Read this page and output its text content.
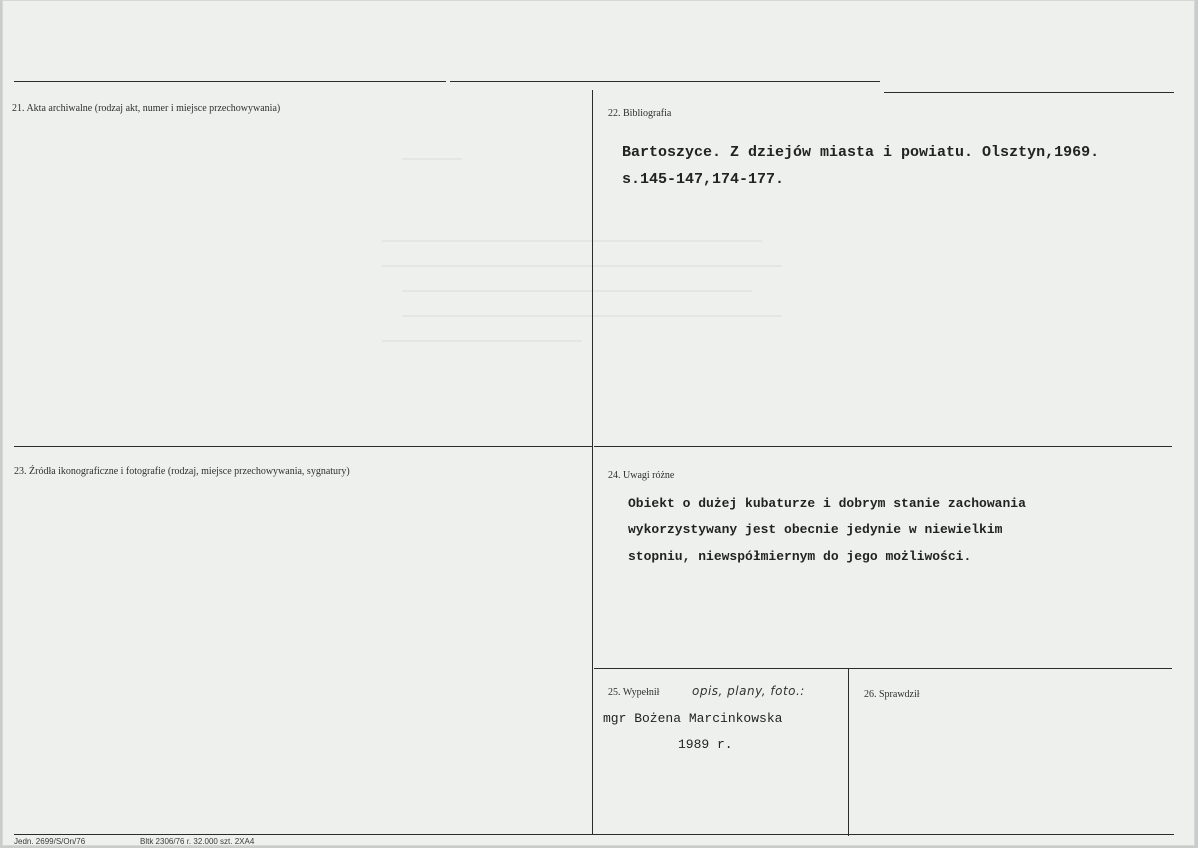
21. Akta archiwalne (rodzaj akt, numer i miejsce przechowywania)	22. Bibliografia
Bartoszyce. Z dziejów miasta i powiatu. Olsztyn,1969.
s.145-147,174-177.
23. Źródła ikonograficzne i fotografie (rodzaj, miejsce przechowywania, sygnatury)	24. Uwagi różne
Obiekt o dużej kubaturze i dobrym stanie zachowania
wykorzystywany jest obecnie jedynie w niewielkim
stopniu, niewspółmiernym do jego możliwości.
25. Wypełnił	opis, plany, foto.:
mgr Bożena Marcinkowska
1989 r.
26. Sprawdził
Jedn. 2699/S/On/76	Bltk 2306/76 r. 32.000 szt. 2XA4
